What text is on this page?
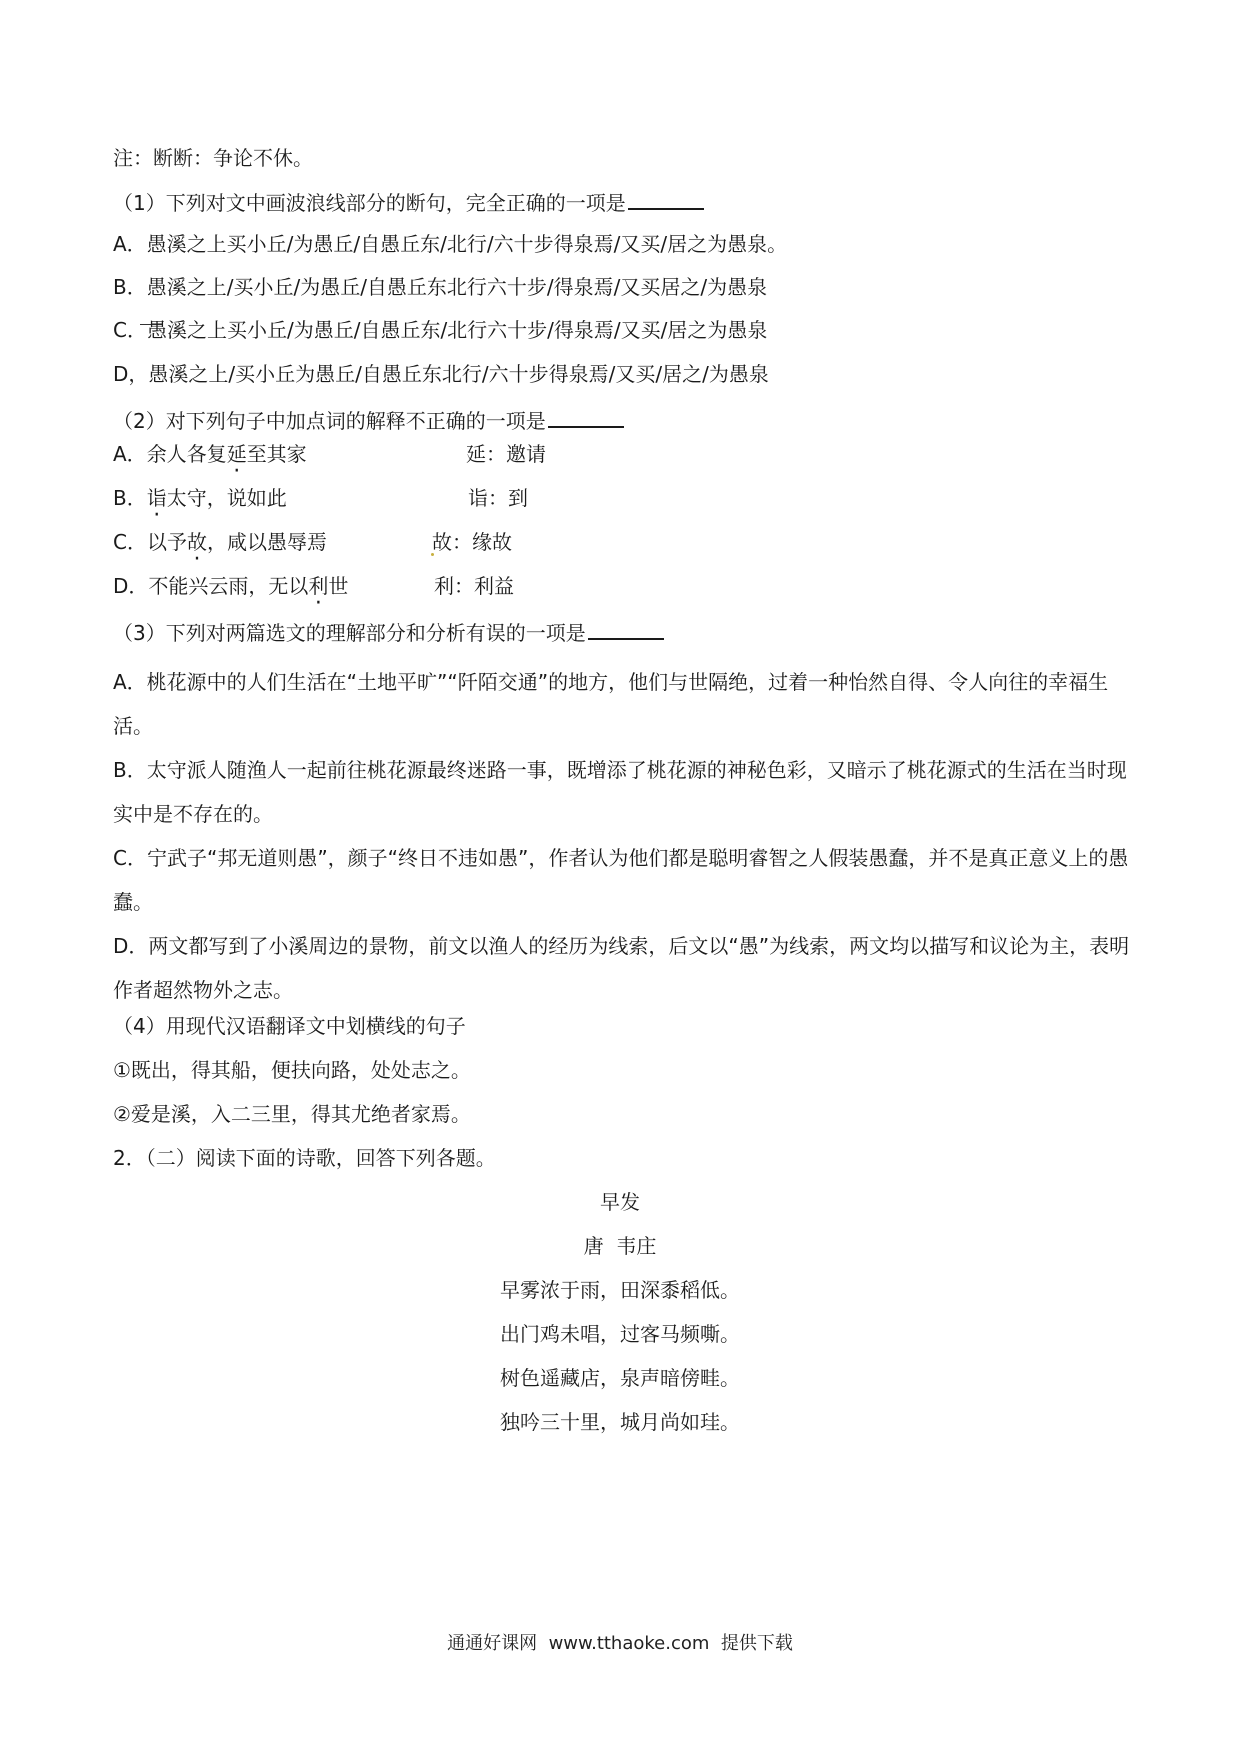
注：断断：争论不休。
（1）下列对文中画波浪线部分的断句，完全正确的一项是
A．愚溪之上买小丘/为愚丘/自愚丘东/北行/六十步得泉焉/又买/居之为愚泉。
B．愚溪之上/买小丘/为愚丘/自愚丘东北行六十步/得泉焉/又买居之/为愚泉
C．愚溪之上买小丘/为愚丘/自愚丘东/北行六十步/得泉焉/又买/居之为愚泉
D，愚溪之上/买小丘为愚丘/自愚丘东北行/六十步得泉焉/又买/居之/为愚泉
（2）对下列句子中加点词的解释不正确的一项是
A．余人各复延至其家	延：邀请
B．诣太守，说如此	诣：到
C．以予故，咸以愚辱焉	故：缘故
D．不能兴云雨，无以利世	利：利益
（3）下列对两篇选文的理解部分和分析有误的一项是
A．桃花源中的人们生活在“土地平旷”“阡陌交通”的地方，他们与世隔绝，过着一种怡然自得、令人向往的幸福生活。
B．太守派人随渔人一起前往桃花源最终迷路一事，既增添了桃花源的神秘色彩，又暗示了桃花源式的生活在当时现实中是不存在的。
C．宁武子“邦无道则愚”，颜子“终日不违如愚”，作者认为他们都是聪明睿智之人假装愚蠢，并不是真正意义上的愚蠢。
D．两文都写到了小溪周边的景物，前文以渔人的经历为线索，后文以“愚”为线索，两文均以描写和议论为主，表明作者超然物外之志。
（4）用现代汉语翻译文中划横线的句子
①既出，得其船，便扶向路，处处志之。
②爱是溪，入二三里，得其尤绝者家焉。
2．（二）阅读下面的诗歌，回答下列各题。
早发
唐  韦庄
早雾浓于雨，田深黍稻低。
出门鸡未唱，过客马频嘶。
树色遥藏店，泉声暗傍畦。
独吟三十里，城月尚如珪。
通通好课网  www.tthaoke.com  提供下载
